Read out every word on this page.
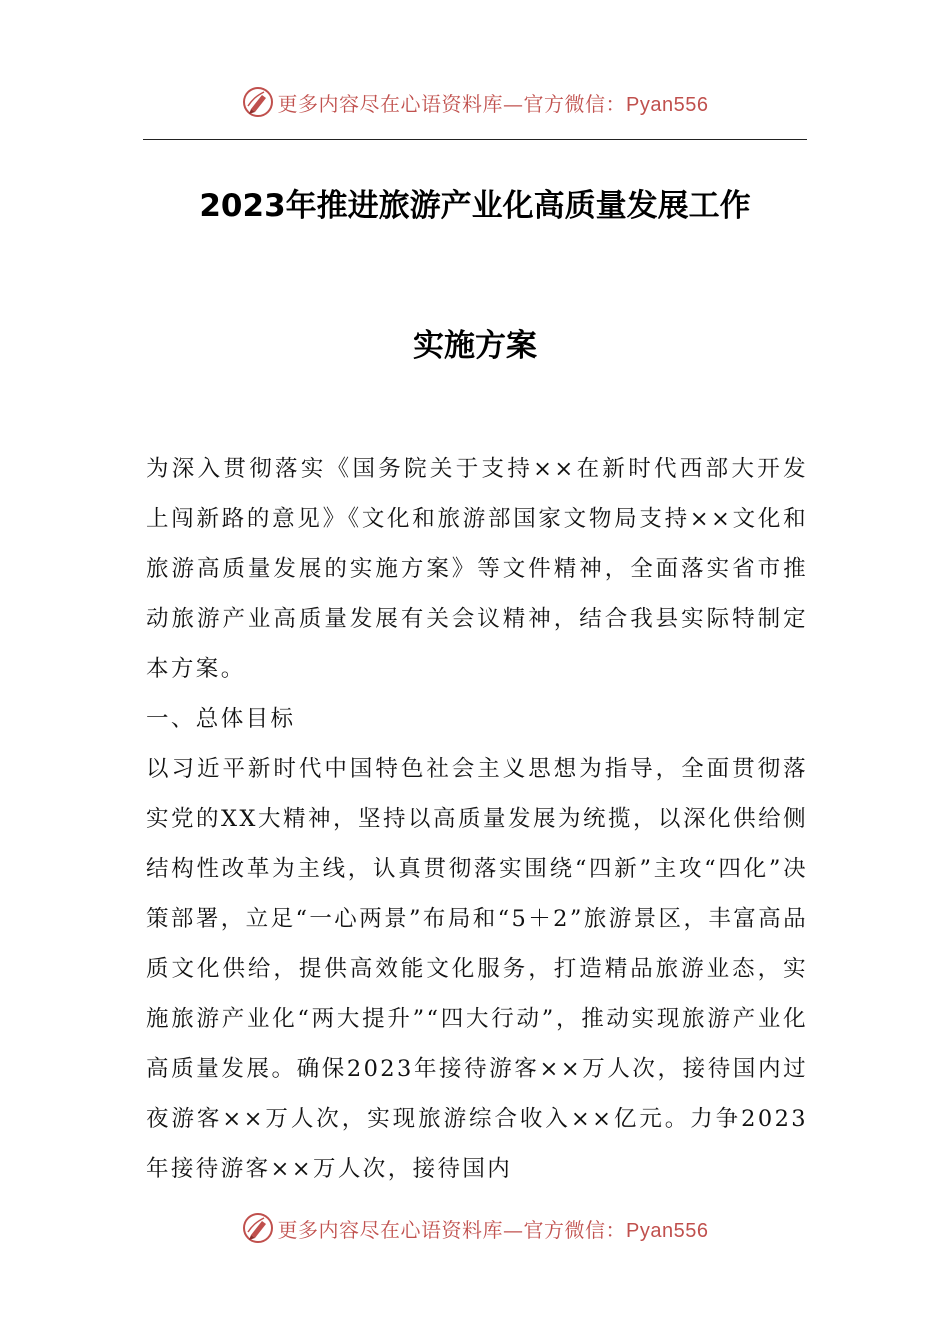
更多内容尽在心语资料库—官方微信：Pyan556
2023年推进旅游产业化高质量发展工作
实施方案

为深入贯彻落实《国务院关于支持××在新时代西部大开发上闯新路的意见》《文化和旅游部国家文物局支持××文化和旅游高质量发展的实施方案》等文件精神，全面落实省市推动旅游产业高质量发展有关会议精神，结合我县实际特制定本方案。

一、总体目标

以习近平新时代中国特色社会主义思想为指导，全面贯彻落实党的XX大精神，坚持以高质量发展为统揽，以深化供给侧结构性改革为主线，认真贯彻落实围绕“四新”主攻“四化”决策部署，立足“一心两景”布局和“5＋2”旅游景区，丰富高品质文化供给，提供高效能文化服务，打造精品旅游业态，实施旅游产业化“两大提升”“四大行动”，推动实现旅游产业化高质量发展。确保2023年接待游客××万人次，接待国内过夜游客××万人次，实现旅游综合收入××亿元。力争2023年接待游客××万人次，接待国内

更多内容尽在心语资料库—官方微信：Pyan556
